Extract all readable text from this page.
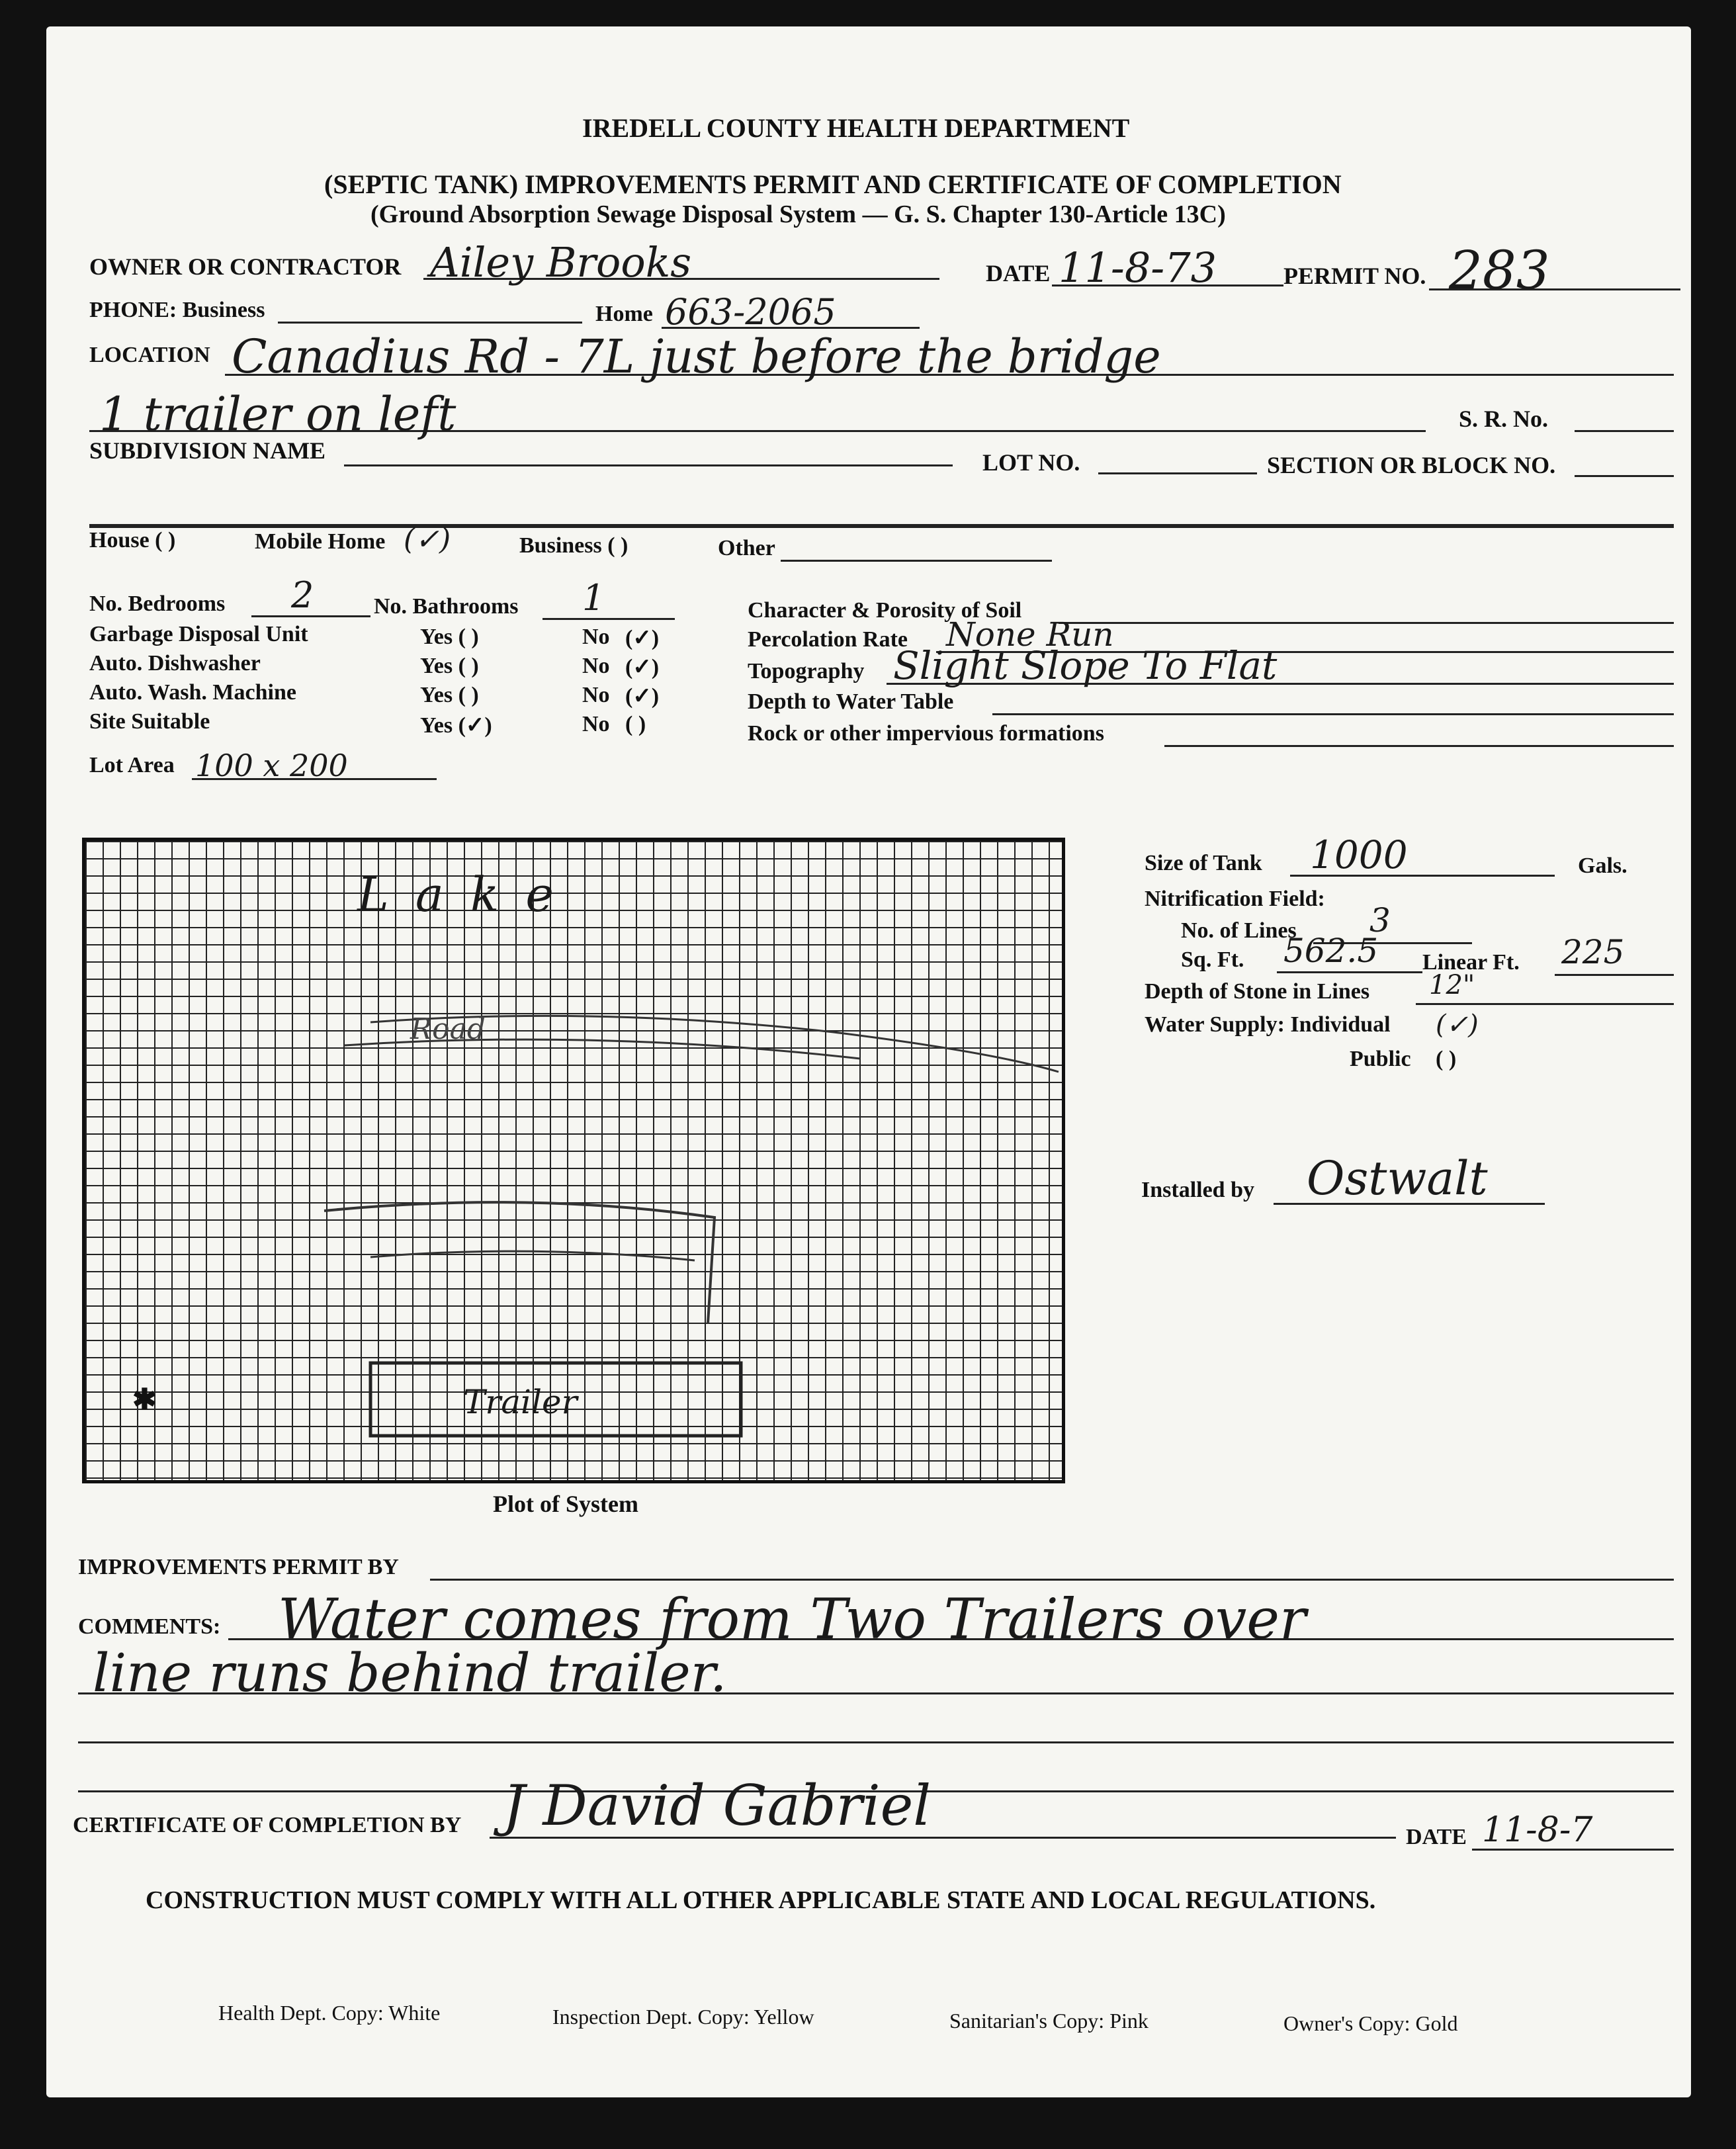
IREDELL COUNTY HEALTH DEPARTMENT
(SEPTIC TANK) IMPROVEMENTS PERMIT AND CERTIFICATE OF COMPLETION
(Ground Absorption Sewage Disposal System — G. S. Chapter 130-Article 13C)
OWNER OR CONTRACTOR Ailey Brooks	DATE 11-8-73	PERMIT NO. 283
PHONE: Business	Home 663-2065
LOCATION Canadius Rd - 7L just before the bridge
1 trailer on left	S. R. No.
SUBDIVISION NAME	LOT NO.	SECTION OR BLOCK NO.
House ( )	Mobile Home (✓)	Business ( )	Other
No. Bedrooms 2	No. Bathrooms 1
Garbage Disposal Unit	Yes ( )	No (✓)
Auto. Dishwasher	Yes ( )	No (✓)
Auto. Wash. Machine	Yes ( )	No (✓)
Site Suitable	Yes (✓)	No ( )
Lot Area 100 x 200
Character & Porosity of Soil
Percolation Rate None Run
Topography Slight Slope To Flat
Depth to Water Table
Rock or other impervious formations
Lake
Road
Trailer
✱
Plot of System
Size of Tank 1000	Gals.
Nitrification Field:
No. of Lines 3
Sq. Ft. 562.5 Linear Ft. 225
Depth of Stone in Lines 12"
Water Supply: Individual (✓)
Public ( )
Installed by Ostwalt
IMPROVEMENTS PERMIT BY
COMMENTS: Water comes from Two Trailers over
line runs behind trailer.
CERTIFICATE OF COMPLETION BY J David Gabriel	DATE 11-8-7
CONSTRUCTION MUST COMPLY WITH ALL OTHER APPLICABLE STATE AND LOCAL REGULATIONS.
Health Dept. Copy: White	Inspection Dept. Copy: Yellow	Sanitarian's Copy: Pink	Owner's Copy: Gold
